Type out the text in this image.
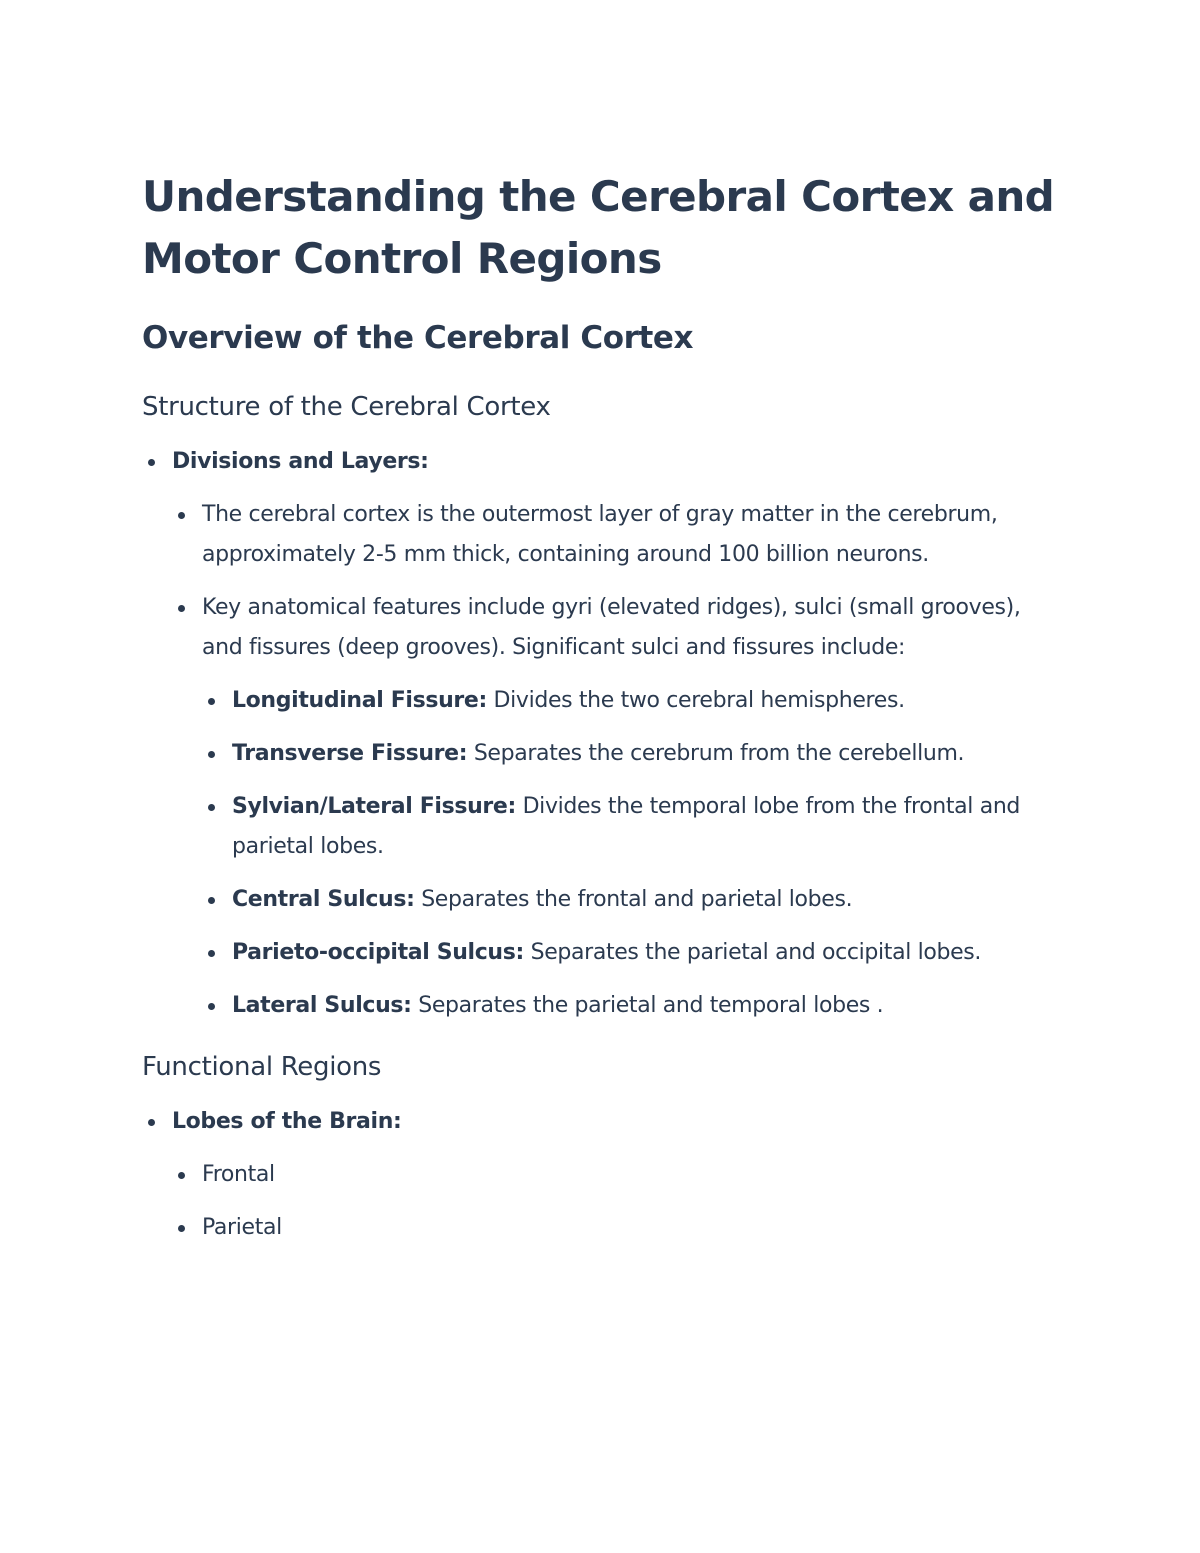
Understanding the Cerebral Cortex and Motor Control Regions
Overview of the Cerebral Cortex
Structure of the Cerebral Cortex
Divisions and Layers:
The cerebral cortex is the outermost layer of gray matter in the cerebrum, approximately 2-5 mm thick, containing around 100 billion neurons.
Key anatomical features include gyri (elevated ridges), sulci (small grooves), and fissures (deep grooves). Significant sulci and fissures include:
Longitudinal Fissure: Divides the two cerebral hemispheres.
Transverse Fissure: Separates the cerebrum from the cerebellum.
Sylvian/Lateral Fissure: Divides the temporal lobe from the frontal and parietal lobes.
Central Sulcus: Separates the frontal and parietal lobes.
Parieto-occipital Sulcus: Separates the parietal and occipital lobes.
Lateral Sulcus: Separates the parietal and temporal lobes .
Functional Regions
Lobes of the Brain:
Frontal
Parietal
